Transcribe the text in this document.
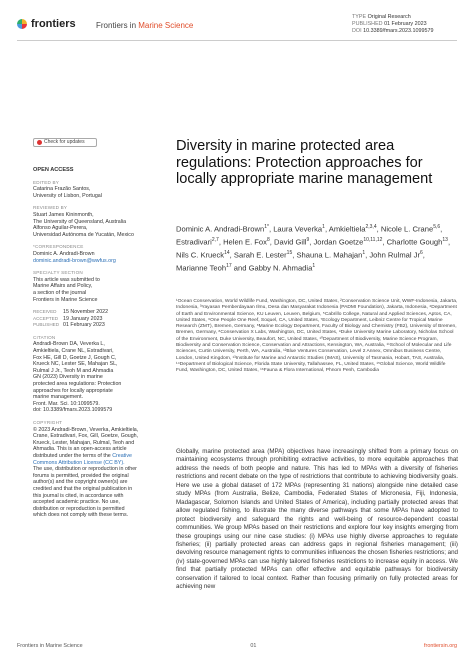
frontiers	Frontiers in Marine Science
TYPE Original Research
PUBLISHED 01 February 2023
DOI 10.3389/fmars.2023.1099579
Check for updates
OPEN ACCESS
EDITED BY
Catarina Frazão Santos,
University of Lisbon, Portugal
REVIEWED BY
Stuart James Kininmonth,
The University of Queensland, Australia
Alfonso Aguilar-Perera,
Universidad Autónoma de Yucatán, Mexico
*CORRESPONDENCE
Dominic A. Andradi-Brown
dominic.andradi-brown@wwfus.org
SPECIALTY SECTION
This article was submitted to
Marine Affairs and Policy,
a section of the journal
Frontiers in Marine Science
RECEIVED	15 November 2022
ACCEPTED	19 January 2023
PUBLISHED	01 February 2023
CITATION
Andradi-Brown DA, Veverka L,
Amkieltiela, Crane NL, Estradivari,
Fox HE, Gill D, Goetze J, Gough C,
Krueck NC, Lester SE, Mahajan SL,
Rulmal J Jr., Teoh M and Ahmadia
GN (2023) Diversity in marine
protected area regulations: Protection
approaches for locally appropriate
marine management.
Front. Mar. Sci. 10:1099579.
doi: 10.3389/fmars.2023.1099579
COPYRIGHT
© 2023 Andradi-Brown, Veverka, Amkieltiela,
Crane, Estradivari, Fox, Gill, Goetze, Gough,
Krueck, Lester, Mahajan, Rulmal, Teoh and
Ahmadia. This is an open-access article
distributed under the terms of the Creative
Commons Attribution License (CC BY).
The use, distribution or reproduction in other
forums is permitted, provided the original
author(s) and the copyright owner(s) are
credited and that the original publication in
this journal is cited, in accordance with
accepted academic practice. No use,
distribution or reproduction is permitted
which does not comply with these terms.
Diversity in marine protected area regulations: Protection approaches for locally appropriate marine management
Dominic A. Andradi-Brown$^{1*}$, Laura Veverka$^1$, Amkieltiela$^{2,3,4}$, Nicole L. Crane$^{5,6}$, Estradivari$^{2,7}$, Helen E. Fox$^8$, David Gill$^9$, Jordan Goetze$^{10,11,12}$, Charlotte Gough$^{13}$, Nils C. Krueck$^{14}$, Sarah E. Lester$^{15}$, Shauna L. Mahajan$^1$, John Rulmal Jr$^6$, Marianne Teoh$^{17}$ and Gabby N. Ahmadia$^1$
¹Ocean Conservation, World Wildlife Fund, Washington, DC, United States, ²Conservation Science Unit, WWF-Indonesia, Jakarta, Indonesia, ³Yayasan Pemberdayaan Ilmu, Desa dan Masyarakat Indonesia (PADMI Foundation), Jakarta, Indonesia, ⁴Department of Earth and Environmental Science, KU Leuven, Leuven, Belgium, ⁵Cabrillo College, Natural and Applied Sciences, Aptos, CA, United States, ⁶One People One Reef, Soquel, CA, United States, ⁷Ecology Department, Leibniz Centre for Tropical Marine Research (ZMT), Bremen, Germany, ⁸Marine Ecology Department, Faculty of Biology and Chemistry (FB2), University of Bremen, Bremen, Germany, ⁸Conservation X Labs, Washington, DC, United States, ⁹Duke University Marine Laboratory, Nicholas School of the Environment, Duke University, Beaufort, NC, United States, ¹⁰Department of Biodiversity, Marine Science Program, Biodiversity and Conservation Science, Conservation and Attractions, Kensington, WA, Australia, ¹¹School of Molecular and Life Sciences, Curtin University, Perth, WA, Australia, ¹²Blue Ventures Conservation, Level 2 Annex, Omnibus Business Centre, London, United Kingdom, ¹³Institute for Marine and Antarctic Studies (IMAS), University of Tasmania, Hobart, TAS, Australia, ¹⁴Department of Biological Science, Florida State University, Tallahassee, FL, United States, ¹⁵Global Science, World Wildlife Fund, Washington, DC, United States, ¹⁶Fauna & Flora International, Phnom Penh, Cambodia
Globally, marine protected area (MPA) objectives have increasingly shifted from a primary focus on maintaining ecosystems through prohibiting extractive activities, to more equitable approaches that address the needs of both people and nature. This has led to MPAs with a diversity of fisheries restrictions and recent debate on the type of restrictions that contribute to achieving biodiversity goals. Here we use a global dataset of 172 MPAs (representing 31 nations) alongside nine detailed case study MPAs (from Australia, Belize, Cambodia, Federated States of Micronesia, Fiji, Indonesia, Madagascar, Solomon Islands and United States of America), including partially protected areas that allow regulated fishing, to illustrate the many diverse pathways that some MPAs have adopted to protect biodiversity and safeguard the rights and well-being of resource-dependent coastal communities. We group MPAs based on their restrictions and explore four key insights emerging from these groupings using our nine case studies: (i) MPAs use highly diverse approaches to regulate fisheries; (ii) partially protected areas can address gaps in regional fisheries management; (iii) devolving resource management rights to communities influences the chosen fisheries restrictions; and (iv) state-governed MPAs can use highly tailored fisheries restrictions to increase equity in access. We find that partially protected MPAs can offer effective and equitable pathways for biodiversity conservation if tailored to local context. Rather than focusing primarily on fully protected areas for achieving new
Frontiers in Marine Science	01	frontiersin.org
